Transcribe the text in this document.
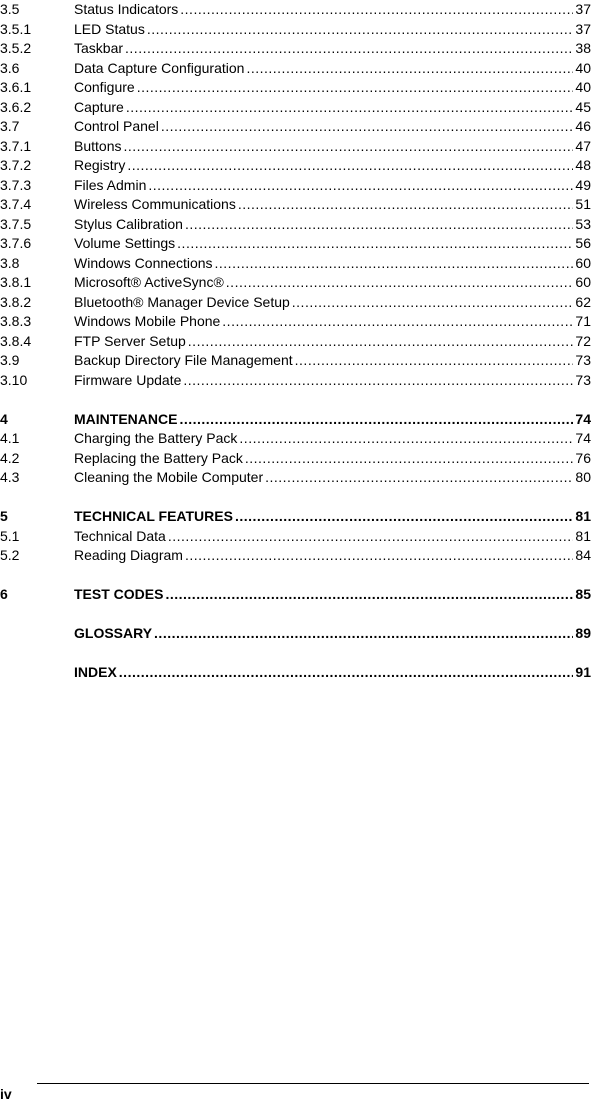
3.5	Status Indicators .....	37
3.5.1	LED Status .....	37
3.5.2	Taskbar .....	38
3.6	Data Capture Configuration .....	40
3.6.1	Configure .....	40
3.6.2	Capture .....	45
3.7	Control Panel .....	46
3.7.1	Buttons .....	47
3.7.2	Registry .....	48
3.7.3	Files Admin .....	49
3.7.4	Wireless Communications .....	51
3.7.5	Stylus Calibration .....	53
3.7.6	Volume Settings .....	56
3.8	Windows Connections .....	60
3.8.1	Microsoft® ActiveSync® .....	60
3.8.2	Bluetooth® Manager Device Setup .....	62
3.8.3	Windows Mobile Phone .....	71
3.8.4	FTP Server Setup .....	72
3.9	Backup Directory File Management .....	73
3.10	Firmware Update .....	73
4	MAINTENANCE .....	74
4.1	Charging the Battery Pack .....	74
4.2	Replacing the Battery Pack .....	76
4.3	Cleaning the Mobile Computer .....	80
5	TECHNICAL FEATURES .....	81
5.1	Technical Data .....	81
5.2	Reading Diagram .....	84
6	TEST CODES .....	85
GLOSSARY .....	89
INDEX .....	91
iv
